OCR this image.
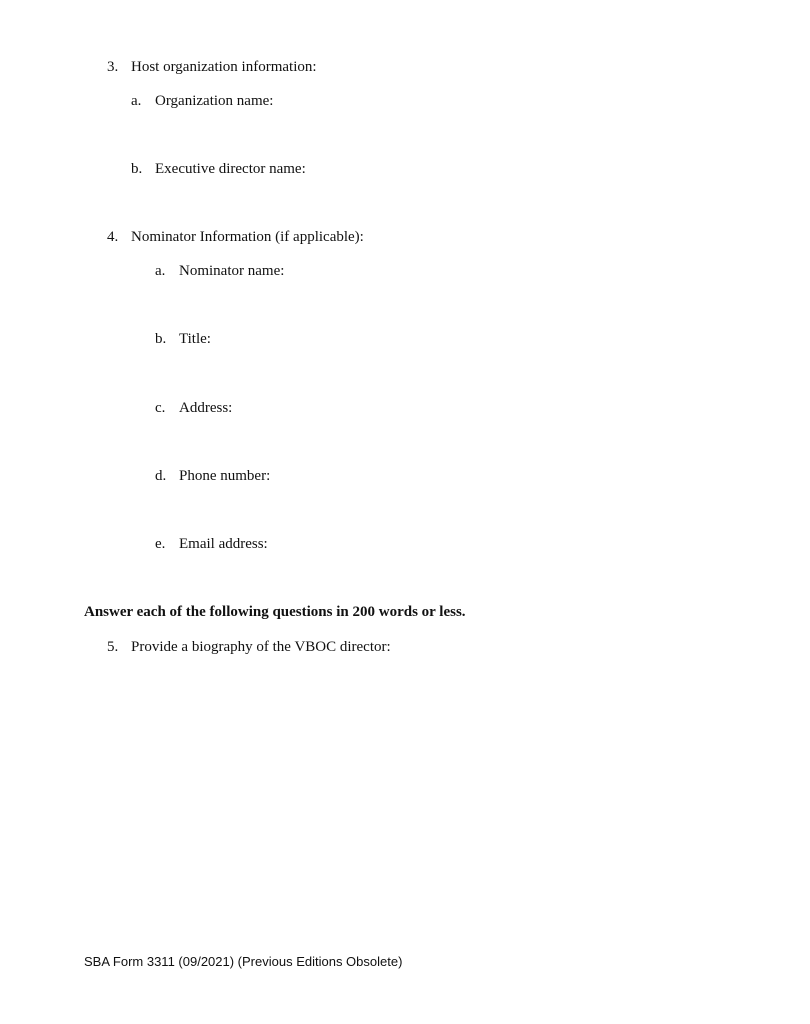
3. Host organization information:
a. Organization name:
b. Executive director name:
4. Nominator Information (if applicable):
a. Nominator name:
b. Title:
c. Address:
d. Phone number:
e. Email address:
Answer each of the following questions in 200 words or less.
5. Provide a biography of the VBOC director:
SBA Form 3311 (09/2021) (Previous Editions Obsolete)
